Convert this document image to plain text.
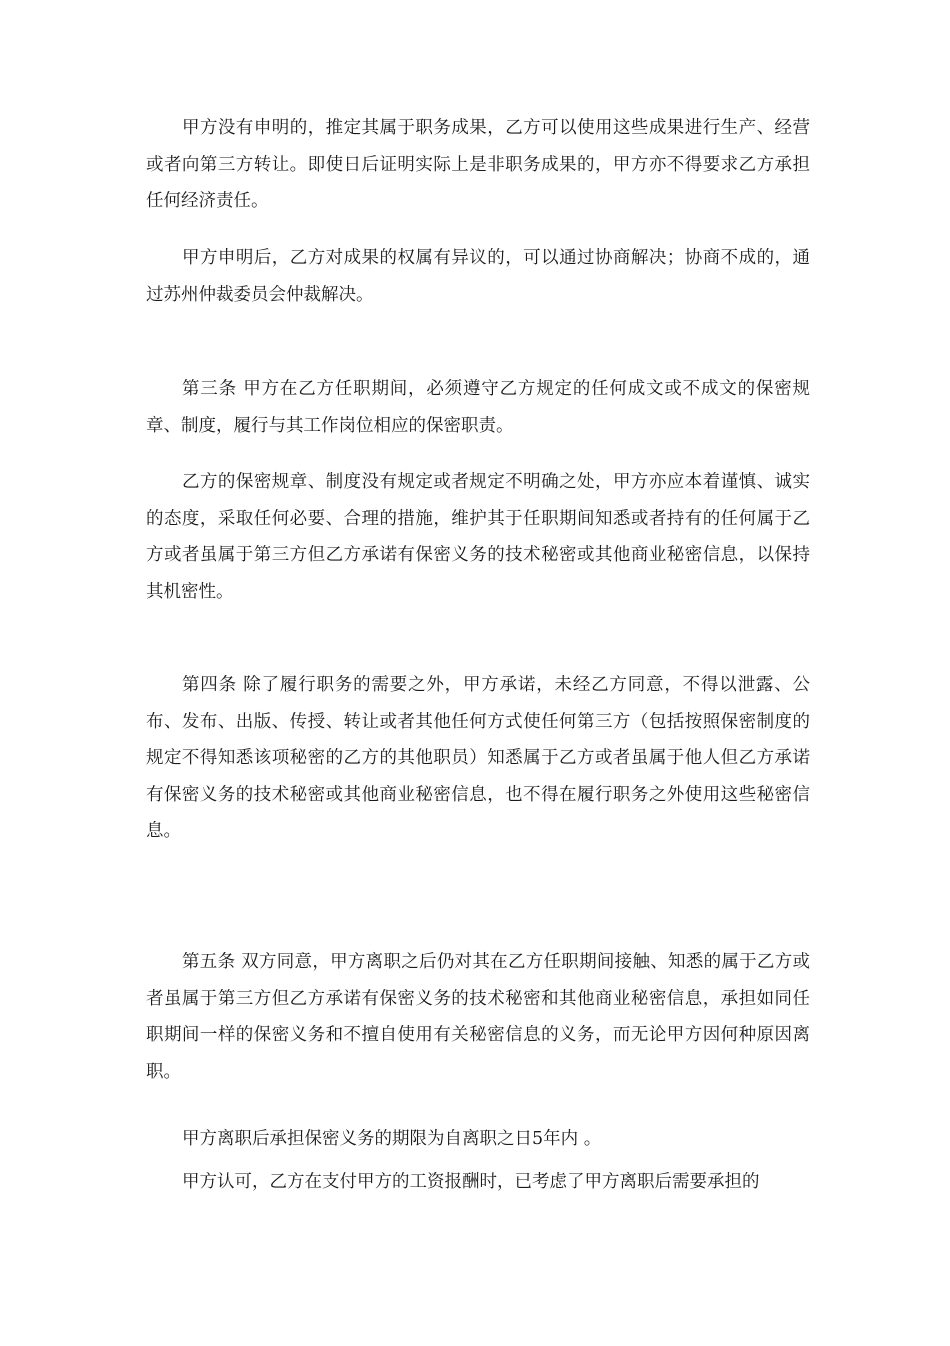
甲方没有申明的，推定其属于职务成果，乙方可以使用这些成果进行生产、经营或者向第三方转让。即使日后证明实际上是非职务成果的，甲方亦不得要求乙方承担任何经济责任。

甲方申明后，乙方对成果的权属有异议的，可以通过协商解决；协商不成的，通过苏州仲裁委员会仲裁解决。

第三条 甲方在乙方任职期间，必须遵守乙方规定的任何成文或不成文的保密规章、制度，履行与其工作岗位相应的保密职责。

乙方的保密规章、制度没有规定或者规定不明确之处，甲方亦应本着谨慎、诚实的态度，采取任何必要、合理的措施，维护其于任职期间知悉或者持有的任何属于乙方或者虽属于第三方但乙方承诺有保密义务的技术秘密或其他商业秘密信息，以保持其机密性。

第四条 除了履行职务的需要之外，甲方承诺，未经乙方同意，不得以泄露、公布、发布、出版、传授、转让或者其他任何方式使任何第三方（包括按照保密制度的规定不得知悉该项秘密的乙方的其他职员）知悉属于乙方或者虽属于他人但乙方承诺有保密义务的技术秘密或其他商业秘密信息，也不得在履行职务之外使用这些秘密信息。

第五条 双方同意，甲方离职之后仍对其在乙方任职期间接触、知悉的属于乙方或者虽属于第三方但乙方承诺有保密义务的技术秘密和其他商业秘密信息，承担如同任职期间一样的保密义务和不擅自使用有关秘密信息的义务，而无论甲方因何种原因离职。

甲方离职后承担保密义务的期限为自离职之日5年内 。

甲方认可，乙方在支付甲方的工资报酬时，已考虑了甲方离职后需要承担的
